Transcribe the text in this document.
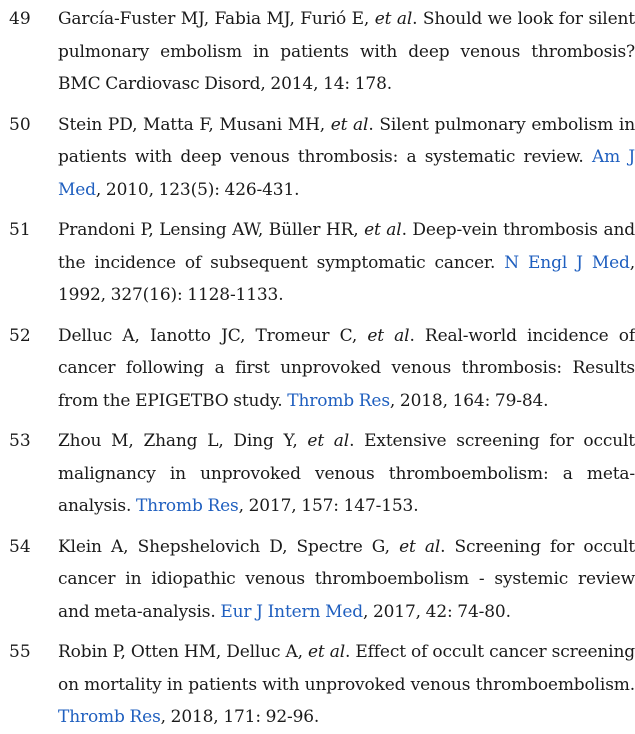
49	García-Fuster MJ, Fabia MJ, Furió E, et al. Should we look for silent pulmonary embolism in patients with deep venous thrombosis? BMC Cardiovasc Disord, 2014, 14: 178.
50	Stein PD, Matta F, Musani MH, et al. Silent pulmonary embolism in patients with deep venous thrombosis: a systematic review. Am J Med, 2010, 123(5): 426-431.
51	Prandoni P, Lensing AW, Büller HR, et al. Deep-vein thrombosis and the incidence of subsequent symptomatic cancer. N Engl J Med, 1992, 327(16): 1128-1133.
52	Delluc A, Ianotto JC, Tromeur C, et al. Real-world incidence of cancer following a first unprovoked venous thrombosis: Results from the EPIGETBO study. Thromb Res, 2018, 164: 79-84.
53	Zhou M, Zhang L, Ding Y, et al. Extensive screening for occult malignancy in unprovoked venous thromboembolism: a meta-analysis. Thromb Res, 2017, 157: 147-153.
54	Klein A, Shepshelovich D, Spectre G, et al. Screening for occult cancer in idiopathic venous thromboembolism - systemic review and meta-analysis. Eur J Intern Med, 2017, 42: 74-80.
55	Robin P, Otten HM, Delluc A, et al. Effect of occult cancer screening on mortality in patients with unprovoked venous thromboembolism. Thromb Res, 2018, 171: 92-96.
